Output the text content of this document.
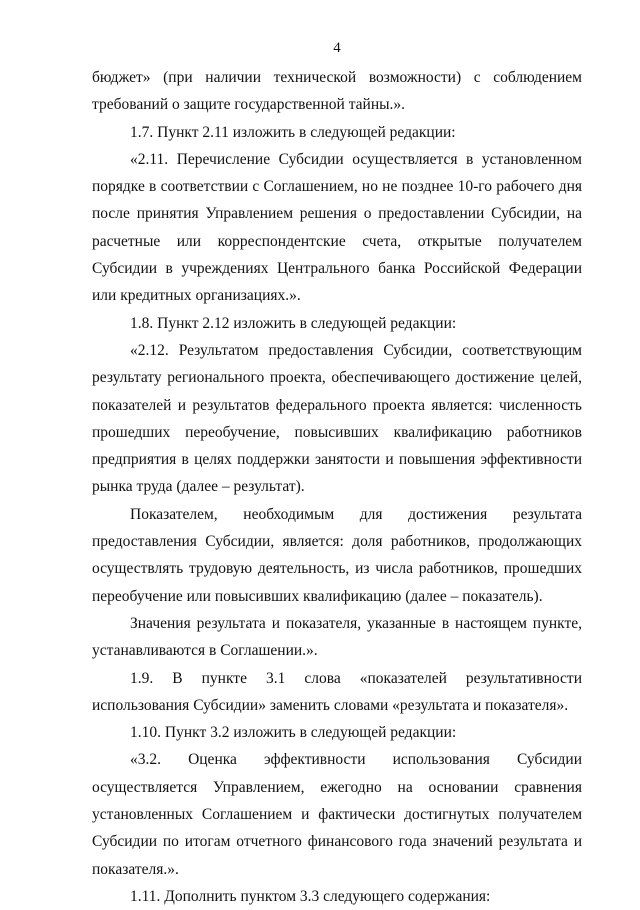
4

бюджет» (при наличии технической возможности) с соблюдением требований о защите государственной тайны.».

1.7. Пункт 2.11 изложить в следующей редакции:

«2.11. Перечисление Субсидии осуществляется в установленном порядке в соответствии с Соглашением, но не позднее 10-го рабочего дня после принятия Управлением решения о предоставлении Субсидии, на расчетные или корреспондентские счета, открытые получателем Субсидии в учреждениях Центрального банка Российской Федерации или кредитных организациях.».

1.8. Пункт 2.12 изложить в следующей редакции:

«2.12. Результатом предоставления Субсидии, соответствующим результату регионального проекта, обеспечивающего достижение целей, показателей и результатов федерального проекта является: численность прошедших переобучение, повысивших квалификацию работников предприятия в целях поддержки занятости и повышения эффективности рынка труда (далее – результат).

Показателем, необходимым для достижения результата предоставления Субсидии, является: доля работников, продолжающих осуществлять трудовую деятельность, из числа работников, прошедших переобучение или повысивших квалификацию (далее – показатель).

Значения результата и показателя, указанные в настоящем пункте, устанавливаются в Соглашении.».

1.9. В пункте 3.1 слова «показателей результативности использования Субсидии» заменить словами «результата и показателя».

1.10. Пункт 3.2 изложить в следующей редакции:

«3.2. Оценка эффективности использования Субсидии осуществляется Управлением, ежегодно на основании сравнения установленных Соглашением и фактически достигнутых получателем Субсидии по итогам отчетного финансового года значений результата и показателя.».

1.11. Дополнить пунктом 3.3 следующего содержания:
